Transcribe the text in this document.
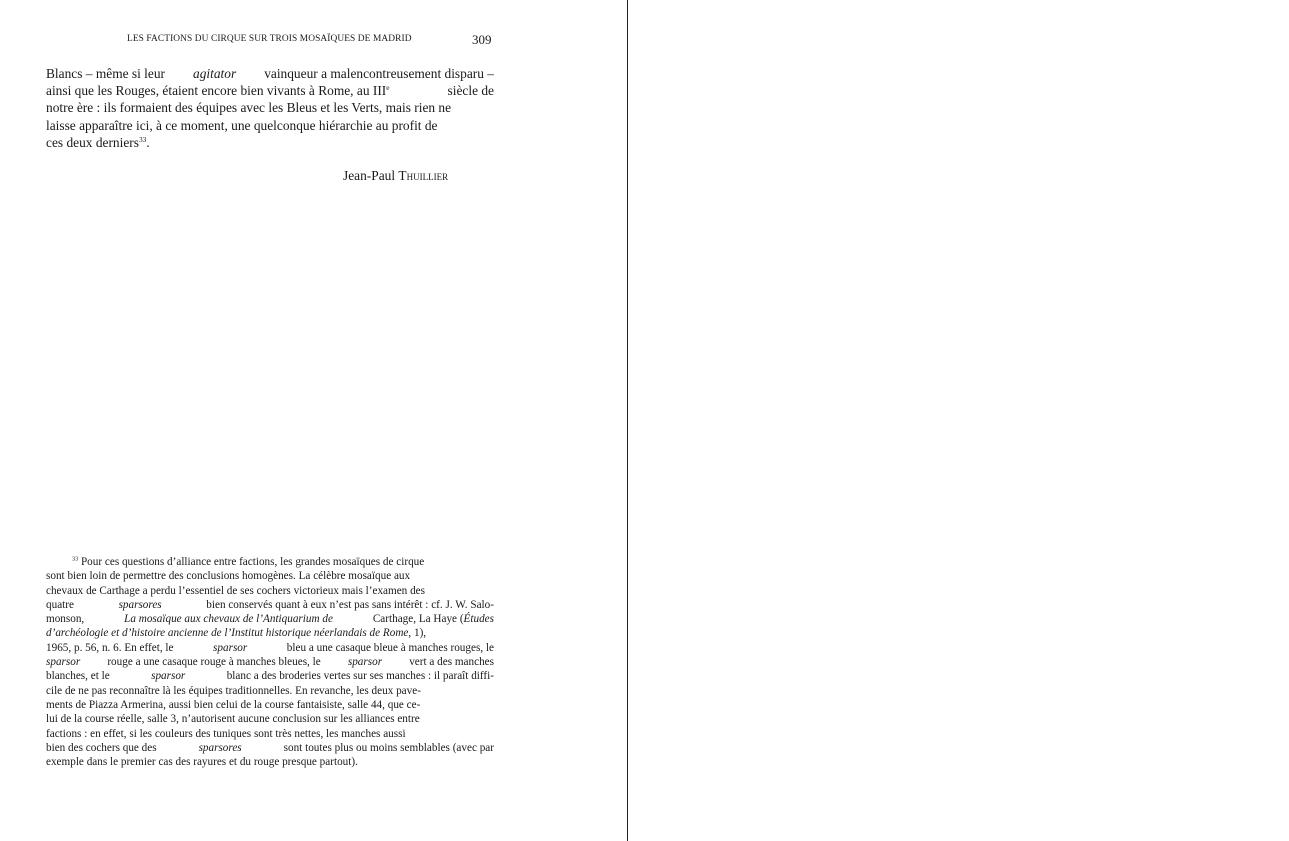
LES FACTIONS DU CIRQUE SUR TROIS MOSAÏQUES DE MADRID	309
Blancs – même si leur agitator vainqueur a malencontreusement disparu –
ainsi que les Rouges, étaient encore bien vivants à Rome, au IIIe	siècle de
notre ère : ils formaient des équipes avec les Bleus et les Verts, mais rien ne
laisse apparaître ici, à ce moment, une quelconque hiérarchie au profit de
ces deux derniers$^{33}$.
Jean-Paul Thuillier
$^{33}$ Pour ces questions d’alliance entre factions, les grandes mosaïques de cirque
sont bien loin de permettre des conclusions homogènes. La célèbre mosaïque aux
chevaux de Carthage a perdu l’essentiel de ses cochers victorieux mais l’examen des
quatre	sparsores	bien conservés quant à eux n’est pas sans intérêt : cf. J. W. Salo-
monson,	La mosaïque aux chevaux de l’Antiquarium de	Carthage, La Haye (Études
d’archéologie et d’histoire ancienne de l’Institut historique néerlandais de Rome, 1),
1965, p. 56, n. 6. En effet, le	sparsor	bleu a une casaque bleue à manches rouges, le
sparsor rouge a une casaque rouge à manches bleues, le sparsor vert a des manches
blanches, et le	sparsor	blanc a des broderies vertes sur ses manches : il paraît diffi-
cile de ne pas reconnaître là les équipes traditionnelles. En revanche, les deux pave-
ments de Piazza Armerina, aussi bien celui de la course fantaisiste, salle 44, que ce-
lui de la course réelle, salle 3, n’autorisent aucune conclusion sur les alliances entre
factions : en effet, si les couleurs des tuniques sont très nettes, les manches aussi
bien des cochers que des	sparsores	sont toutes plus ou moins semblables (avec par
exemple dans le premier cas des rayures et du rouge presque partout).
